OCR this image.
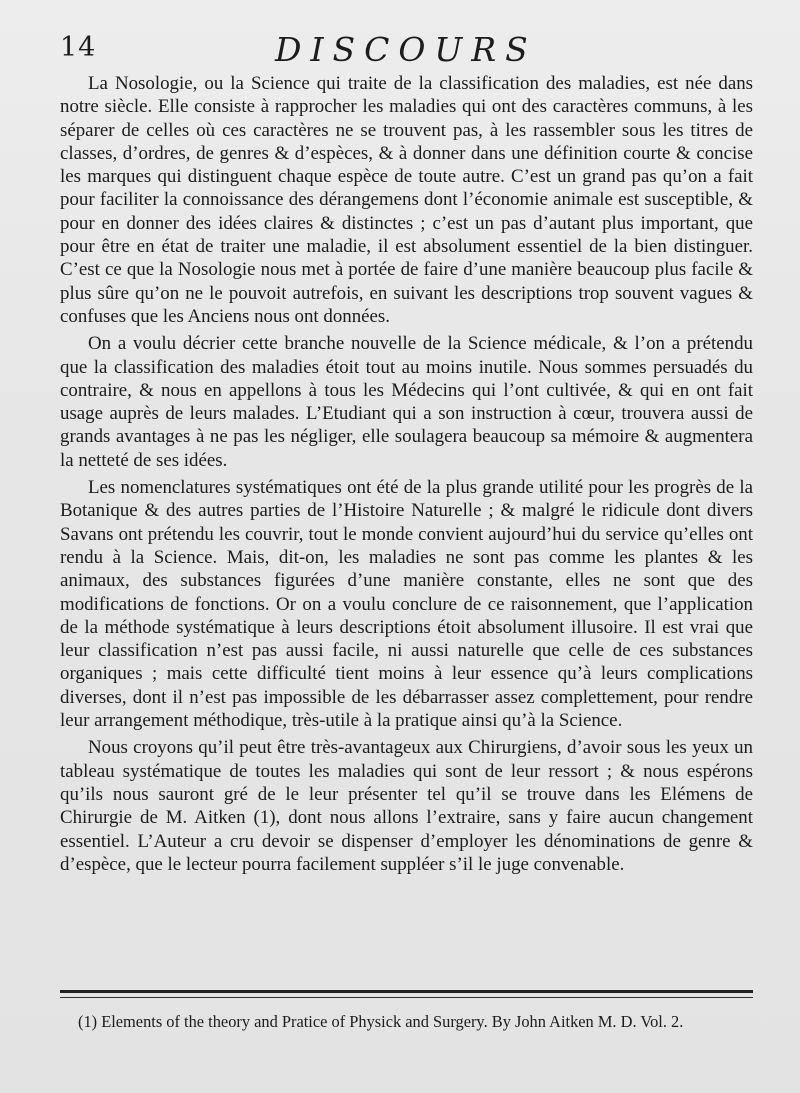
14	DISCOURS

La Nosologie, ou la Science qui traite de la classification des maladies, est née dans notre siècle. Elle consiste à rapprocher les maladies qui ont des caractères communs, à les séparer de celles où ces caractères ne se trouvent pas, à les rassembler sous les titres de classes, d’ordres, de genres & d’espèces, & à donner dans une définition courte & concise les marques qui distinguent chaque espèce de toute autre. C’est un grand pas qu’on a fait pour faciliter la connoissance des dérangemens dont l’économie animale est susceptible, & pour en donner des idées claires & distinctes ; c’est un pas d’autant plus important, que pour être en état de traiter une maladie, il est absolument essentiel de la bien distinguer. C’est ce que la Nosologie nous met à portée de faire d’une manière beaucoup plus facile & plus sûre qu’on ne le pouvoit autrefois, en suivant les descriptions trop souvent vagues & confuses que les Anciens nous ont données.

On a voulu décrier cette branche nouvelle de la Science médicale, & l’on a prétendu que la classification des maladies étoit tout au moins inutile. Nous sommes persuadés du contraire, & nous en appellons à tous les Médecins qui l’ont cultivée, & qui en ont fait usage auprès de leurs malades. L’Etudiant qui a son instruction à cœur, trouvera aussi de grands avantages à ne pas les négliger, elle soulagera beaucoup sa mémoire & augmentera la netteté de ses idées.

Les nomenclatures systématiques ont été de la plus grande utilité pour les progrès de la Botanique & des autres parties de l’Histoire Naturelle ; & malgré le ridicule dont divers Savans ont prétendu les couvrir, tout le monde convient aujourd’hui du service qu’elles ont rendu à la Science. Mais, dit-on, les maladies ne sont pas comme les plantes & les animaux, des substances figurées d’une manière constante, elles ne sont que des modifications de fonctions. Or on a voulu conclure de ce raisonnement, que l’application de la méthode systématique à leurs descriptions étoit absolument illusoire. Il est vrai que leur classification n’est pas aussi facile, ni aussi naturelle que celle de ces substances organiques ; mais cette difficulté tient moins à leur essence qu’à leurs complications diverses, dont il n’est pas impossible de les débarrasser assez complettement, pour rendre leur arrangement méthodique, très-utile à la pratique ainsi qu’à la Science.

Nous croyons qu’il peut être très-avantageux aux Chirurgiens, d’avoir sous les yeux un tableau systématique de toutes les maladies qui sont de leur ressort ; & nous espérons qu’ils nous sauront gré de le leur présenter tel qu’il se trouve dans les Elémens de Chirurgie de M. Aitken (1), dont nous allons l’extraire, sans y faire aucun changement essentiel. L’Auteur a cru devoir se dispenser d’employer les dénominations de genre & d’espèce, que le lecteur pourra facilement suppléer s’il le juge convenable.

(1) Elements of the theory and Pratice of Physick and Surgery. By John Aitken M. D. Vol. 2.
